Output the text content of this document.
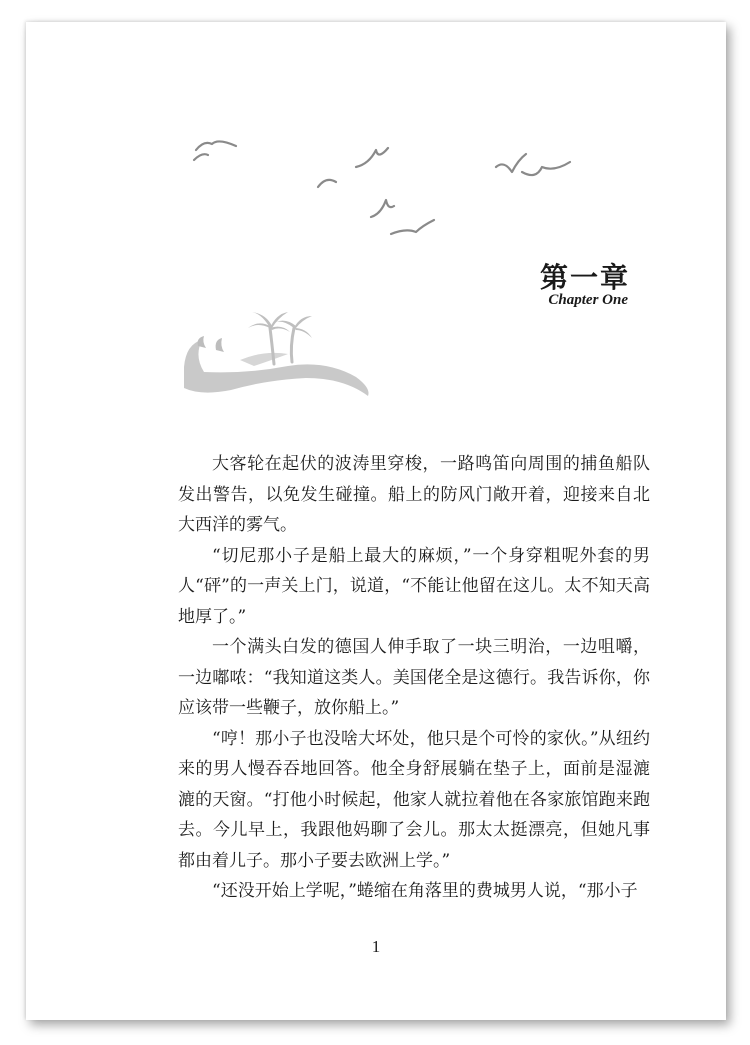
第一章
Chapter One

大客轮在起伏的波涛里穿梭，一路鸣笛向周围的捕鱼船队发出警告，以免发生碰撞。船上的防风门敞开着，迎接来自北大西洋的雾气。

“切尼那小子是船上最大的麻烦，”一个身穿粗呢外套的男人“砰”的一声关上门，说道，“不能让他留在这儿。太不知天高地厚了。”

一个满头白发的德国人伸手取了一块三明治，一边咀嚼，一边嘟哝：“我知道这类人。美国佬全是这德行。我告诉你，你应该带一些鞭子，放你船上。”

“哼！那小子也没啥大坏处，他只是个可怜的家伙。”从纽约来的男人慢吞吞地回答。他全身舒展躺在垫子上，面前是湿漉漉的天窗。“打他小时候起，他家人就拉着他在各家旅馆跑来跑去。今儿早上，我跟他妈聊了会儿。那太太挺漂亮，但她凡事都由着儿子。那小子要去欧洲上学。”

“还没开始上学呢，”蜷缩在角落里的费城男人说，“那小子

1
